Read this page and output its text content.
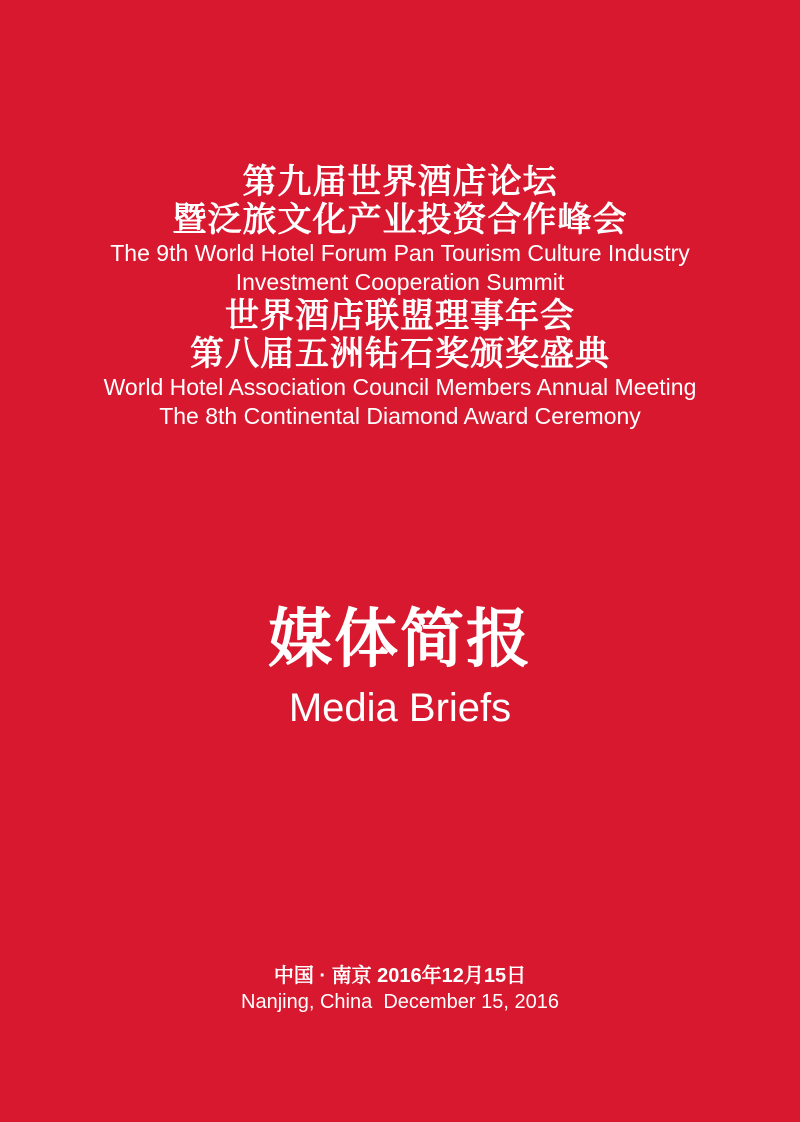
第九届世界酒店论坛
暨泛旅文化产业投资合作峰会
The 9th World Hotel Forum Pan Tourism Culture Industry
Investment Cooperation Summit
世界酒店联盟理事年会
第八届五洲钻石奖颁奖盛典
World Hotel Association Council Members Annual Meeting
The 8th Continental Diamond Award Ceremony
媒体简报
Media Briefs
中国 · 南京 2016年12月15日
Nanjing, China  December 15, 2016
